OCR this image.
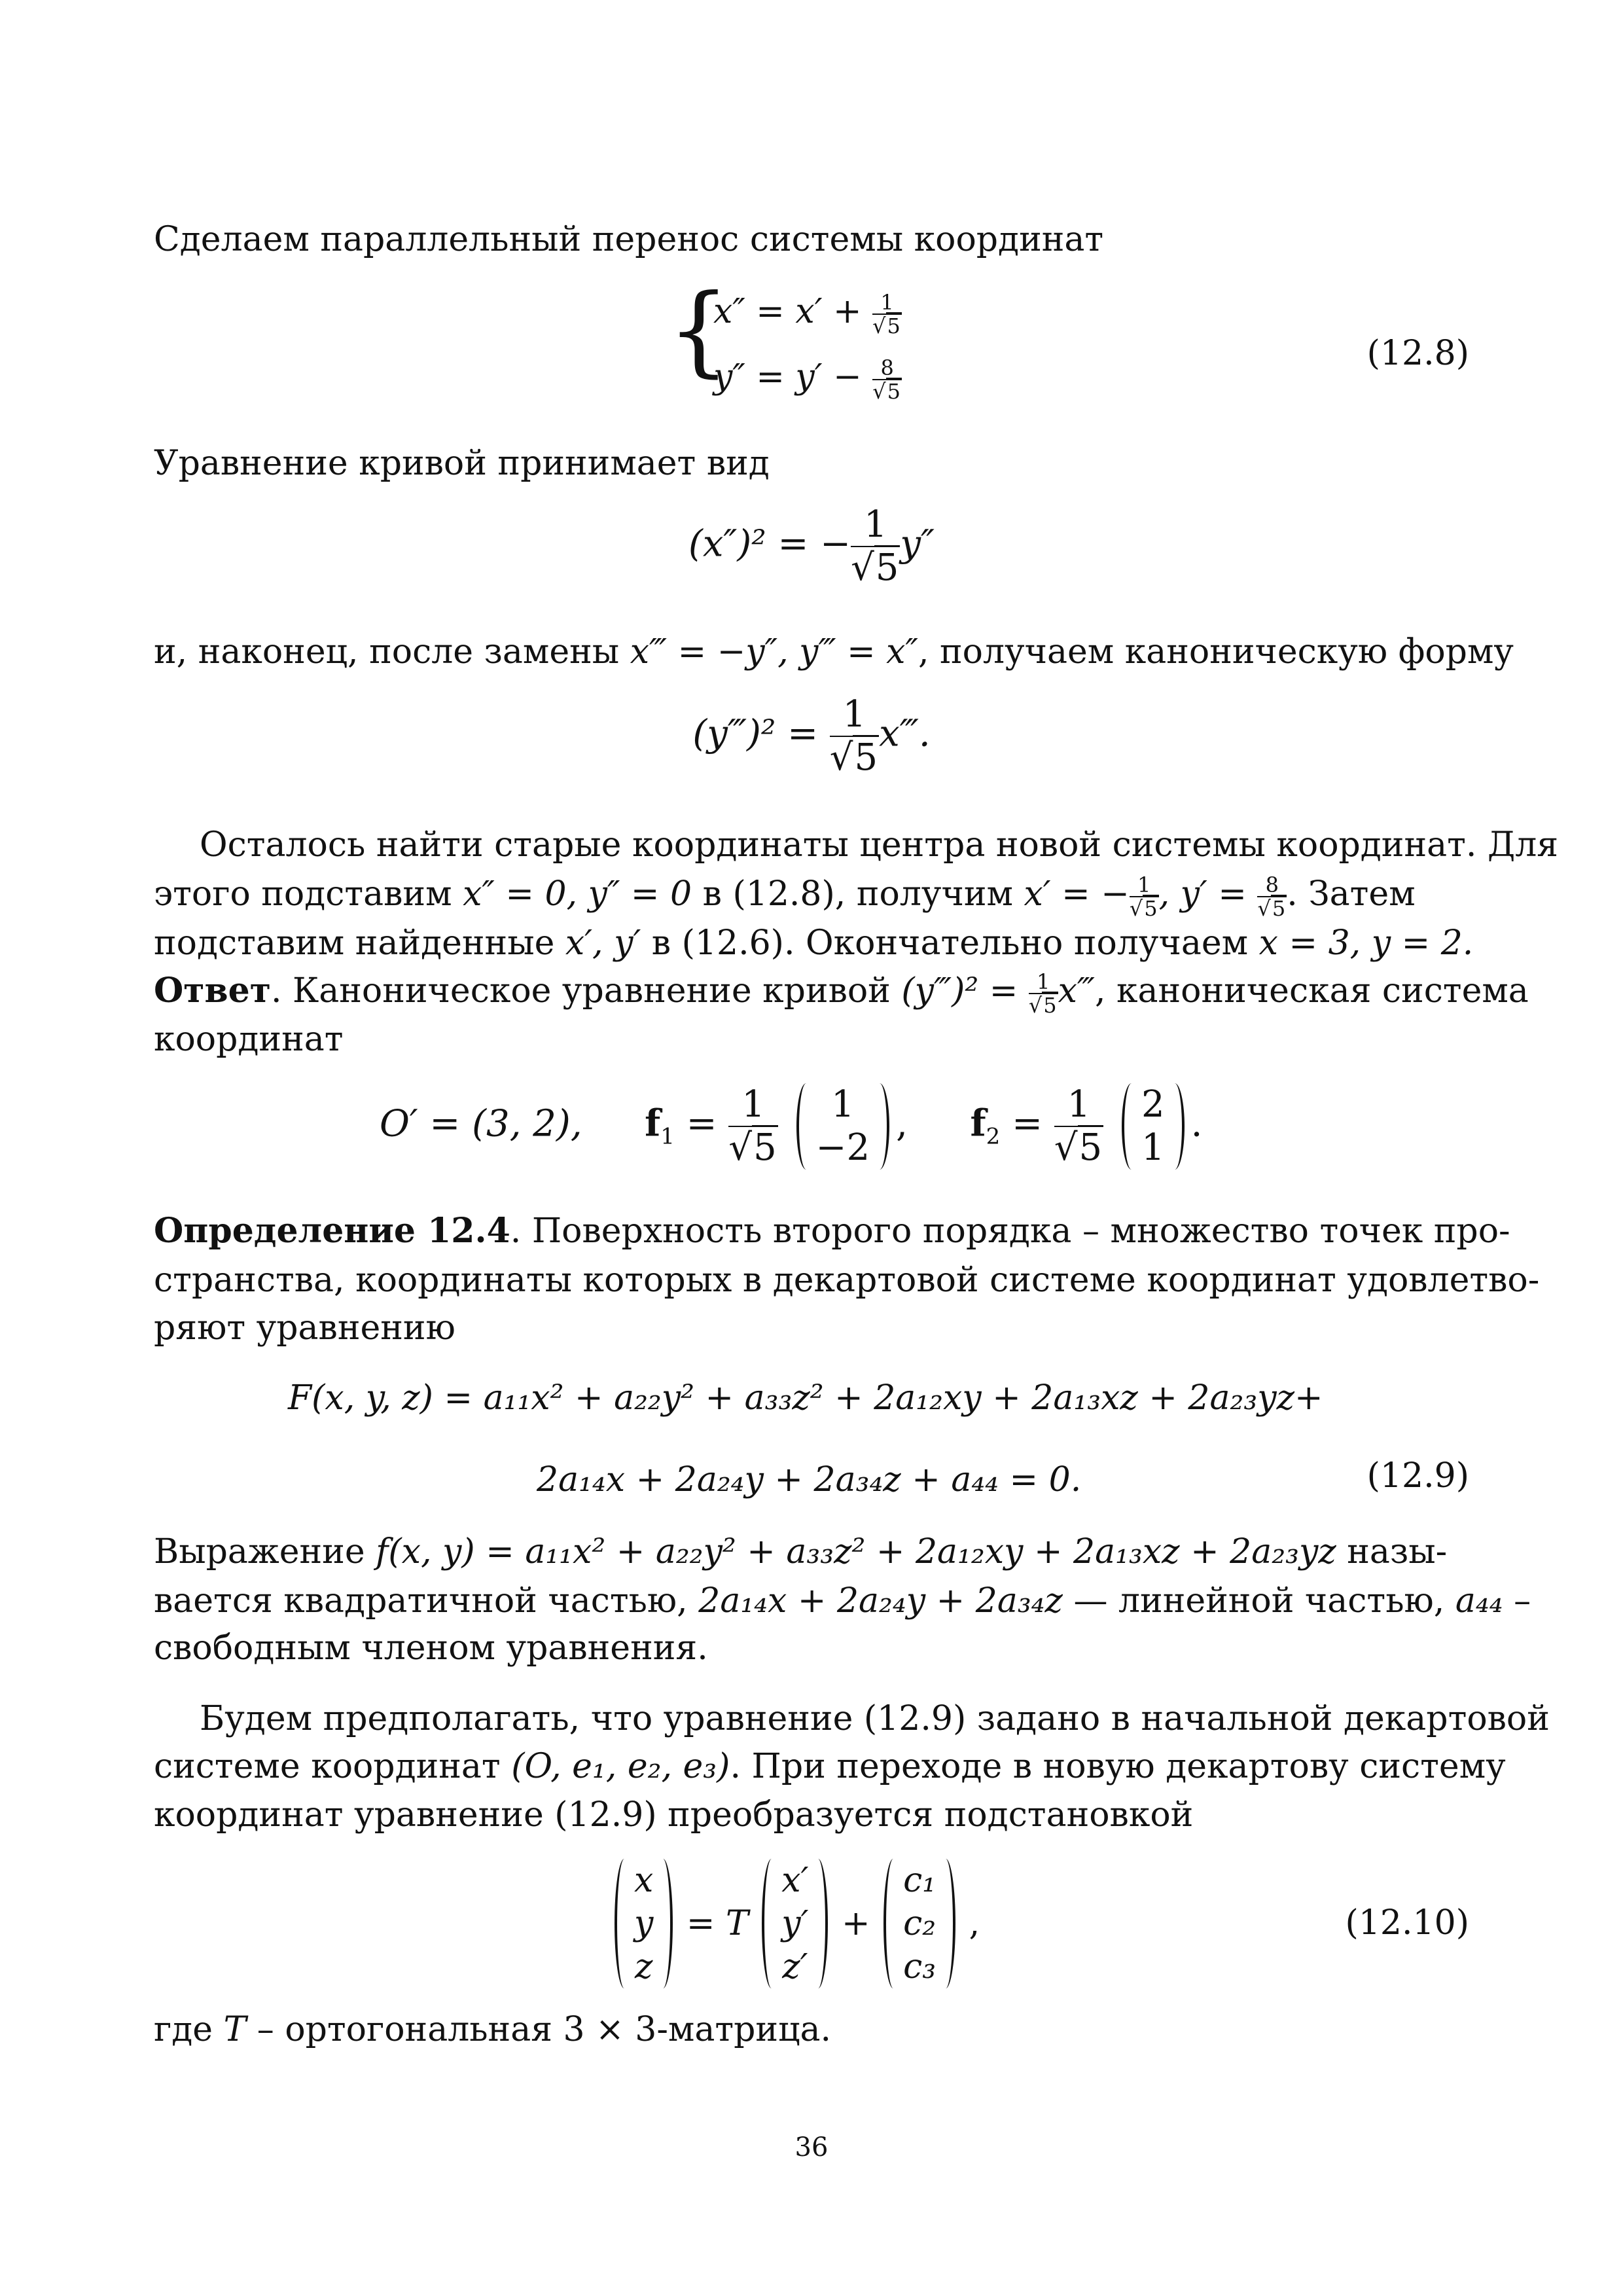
Сделаем параллельный перенос системы координат
{
$x'' = x' + \frac{1}{√5}$
$y'' = y' - \frac{8}{√5}$
(12.8)
Уравнение кривой принимает вид
(x″)² = − $\frac{1}{√5} y''$
и, наконец, после замены x‴ = −y″, y‴ = x″, получаем каноническую форму
(y‴)² = $\frac{1}{√5}$ x‴.
Осталось найти старые координаты центра новой системы координат. Для
этого подставим x″ = 0, y″ = 0 в (12.8), получим x′ = − $\frac{1}{√5}$ , $y' = \frac{8}{√5}$ . Затем
подставим найденные x′, y′ в (12.6). Окончательно получаем x = 3, y = 2.
Ответ. Каноническое уравнение кривой (y‴)² = $\frac{1}{√5}$ x‴, каноническая система
координат
O′ = (3, 2), $f_1 = \frac{1}{√5}$
	1
−2
, $f_2 = \frac{1}{√5}$
2
1
.
Определение 12.4. Поверхность второго порядка – множество точек про-
странства, координаты которых в декартовой системе координат удовлетво-
ряют уравнению
F(x, y, z) = a₁₁x² + a₂₂y² + a₃₃z² + 2a₁₂xy + 2a₁₃xz + 2a₂₃yz+
2a₁₄x + 2a₂₄y + 2a₃₄z + a₄₄ = 0.	(12.9)
Выражение f(x, y) = a₁₁x² + a₂₂y² + a₃₃z² + 2a₁₂xy + 2a₁₃xz + 2a₂₃yz назы-
вается квадратичной частью, 2a₁₄x + 2a₂₄y + 2a₃₄z — линейной частью, a₄₄ –
свободным членом уравнения.
Будем предполагать, что уравнение (12.9) задано в начальной декартовой
системе координат (O, e₁, e₂, e₃). При переходе в новую декартову систему
координат уравнение (12.9) преобразуется подстановкой
x
y
z
= T
x′
y′
z′
+
c₁
c₂
c₃
,	(12.10)
где T – ортогональная 3 × 3-матрица.
36
